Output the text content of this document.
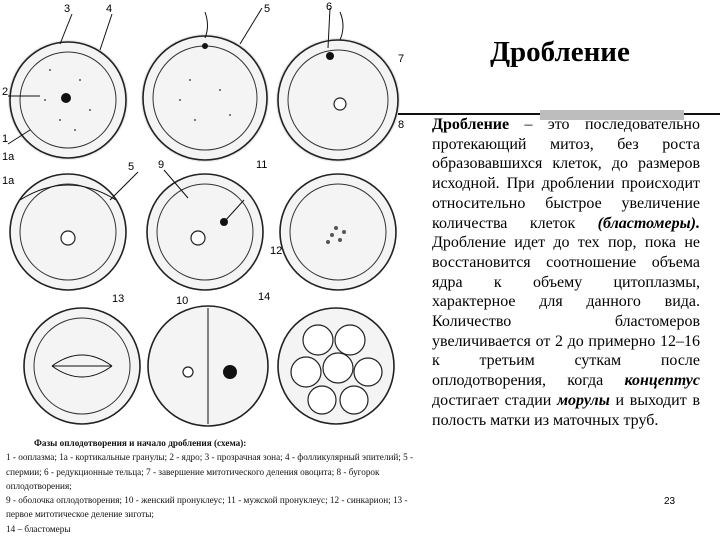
1
1а
2
3	4	5	6
1а
5 9	11
7
8
10
13	14
12
Дробление
Дробление – это последовательно протекающий митоз, без роста образовавшихся клеток, до размеров исходной. При дроблении происходит относительно быстрое увеличение количества клеток (бластомеры). Дробление идет до тех пор, пока не восстановится соотношение объема ядра к объему цитоплазмы, характерное для данного вида. Количество бластомеров увеличивается от 2 до примерно 12–16 к третьим суткам после оплодотворения, когда концептус достигает стадии морулы и выходит в полость матки из маточных труб.
23
Фазы оплодотворения и начало дробления (схема):
1 - ооплазма; 1а - кортикальные гранулы; 2 - ядро; 3 - прозрачная зона; 4 - фолликулярный эпителий; 5 - спермии; 6 - редукционные тельца; 7 - завершение митотического деления овоцита; 8 - бугорок оплодотворения;
9 - оболочка оплодотворения; 10 - женский пронуклеус; 11 - мужской пронуклеус; 12 - синкарион; 13 - первое митотическое деление зиготы;
14 – бластомеры
